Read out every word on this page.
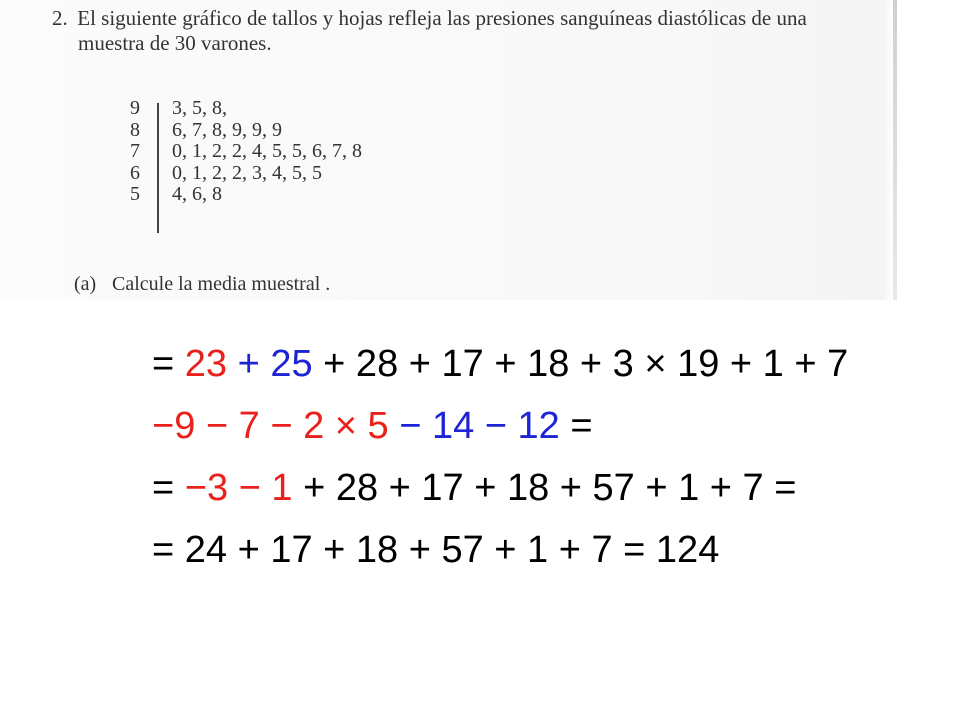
2. El siguiente gráfico de tallos y hojas refleja las presiones sanguíneas diastólicas de una
muestra de 30 varones.
9 3, 5, 8,
8 6, 7, 8, 9, 9, 9
7 0, 1, 2, 2, 4, 5, 5, 6, 7, 8
6 0, 1, 2, 2, 3, 4, 5, 5
5 4, 6, 8
(a) Calcule la media muestral .
= 23 + 25 + 28 + 17 + 18 + 3 × 19 + 1 + 7
−9 − 7 − 2 × 5 − 14 − 12 =
= −3 − 1 + 28 + 17 + 18 + 57 + 1 + 7 =
= 24 + 17 + 18 + 57 + 1 + 7 = 124
